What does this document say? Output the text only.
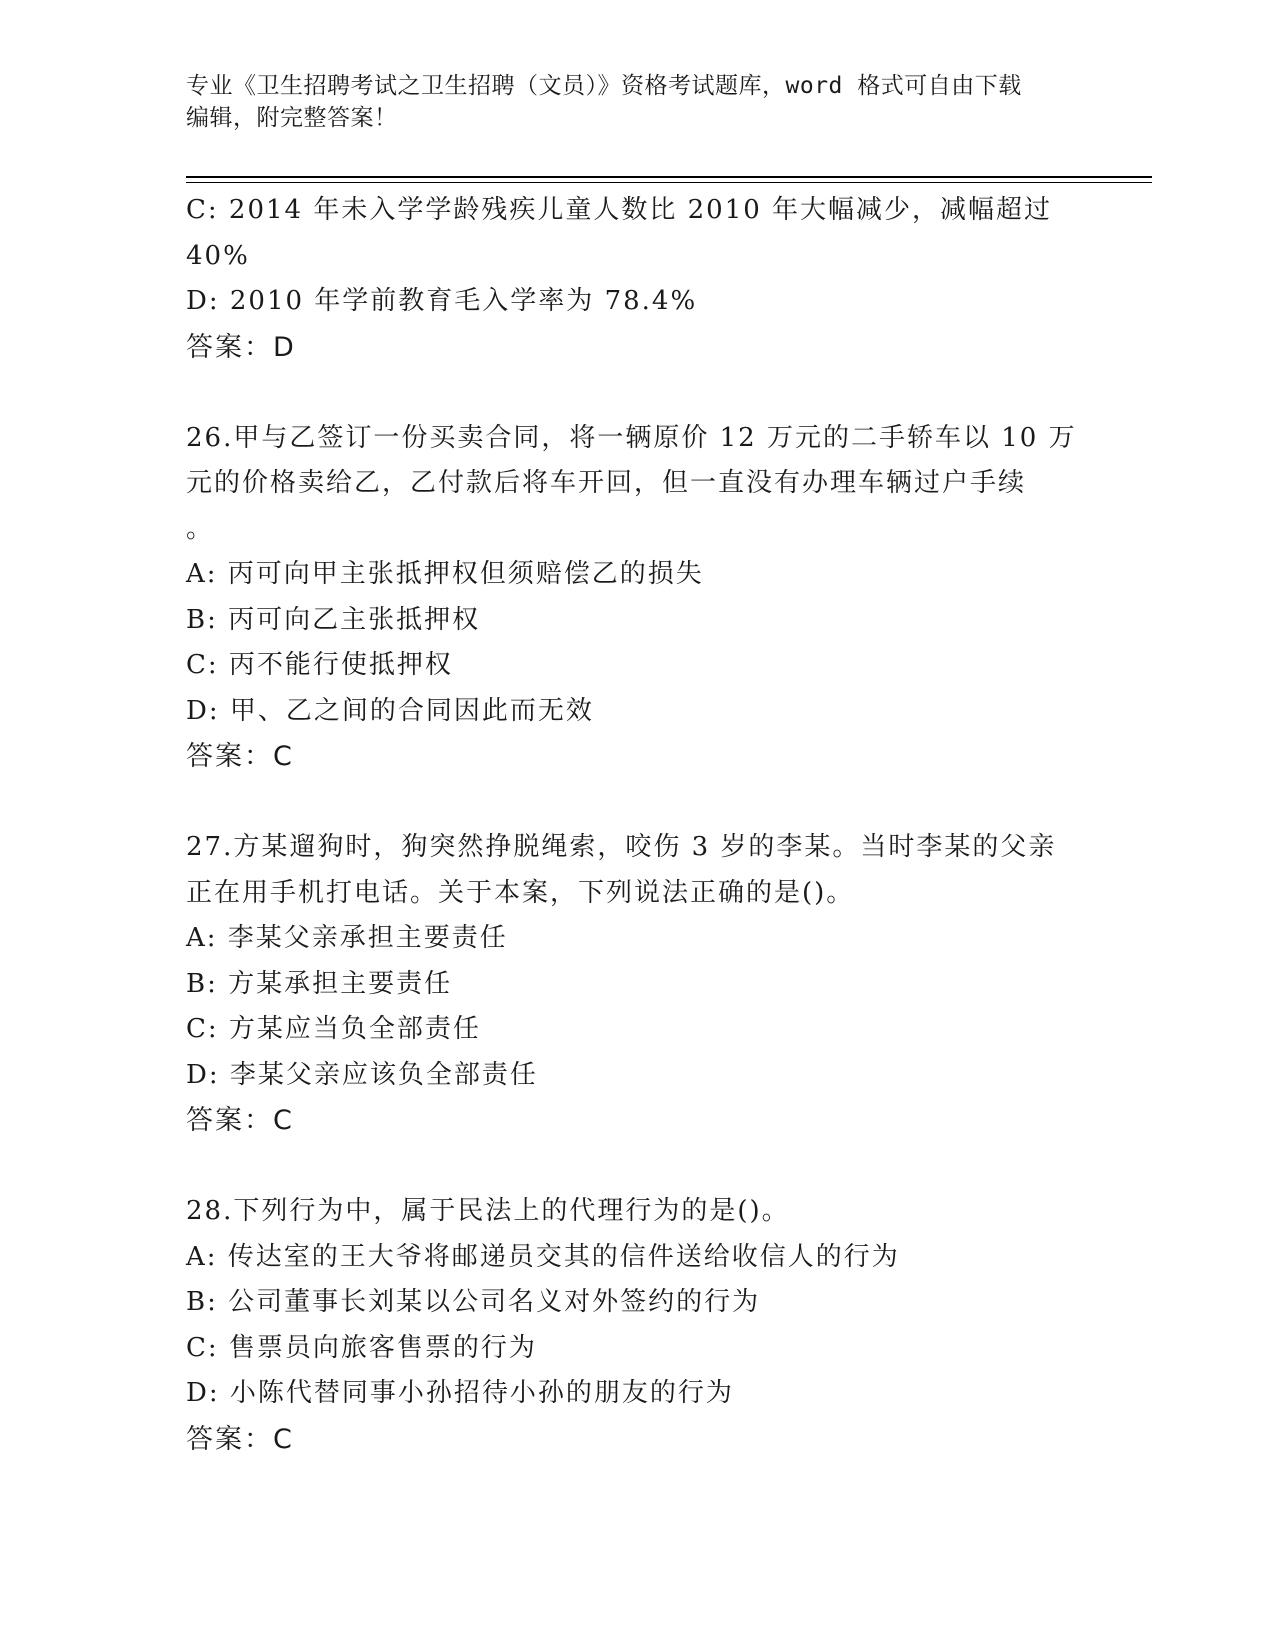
专业《卫生招聘考试之卫生招聘（文员）》资格考试题库，word 格式可自由下载
编辑，附完整答案！
C: 2014 年未入学学龄残疾儿童人数比 2010 年大幅减少，减幅超过
40%
D: 2010 年学前教育毛入学率为 78.4%
答案：D
26.甲与乙签订一份买卖合同，将一辆原价 12 万元的二手轿车以 10 万
元的价格卖给乙，乙付款后将车开回，但一直没有办理车辆过户手续
。
A: 丙可向甲主张抵押权但须赔偿乙的损失
B: 丙可向乙主张抵押权
C: 丙不能行使抵押权
D: 甲、乙之间的合同因此而无效
答案：C
27.方某遛狗时，狗突然挣脱绳索，咬伤 3 岁的李某。当时李某的父亲
正在用手机打电话。关于本案，下列说法正确的是()。
A: 李某父亲承担主要责任
B: 方某承担主要责任
C: 方某应当负全部责任
D: 李某父亲应该负全部责任
答案：C
28.下列行为中，属于民法上的代理行为的是()。
A: 传达室的王大爷将邮递员交其的信件送给收信人的行为
B: 公司董事长刘某以公司名义对外签约的行为
C: 售票员向旅客售票的行为
D: 小陈代替同事小孙招待小孙的朋友的行为
答案：C
